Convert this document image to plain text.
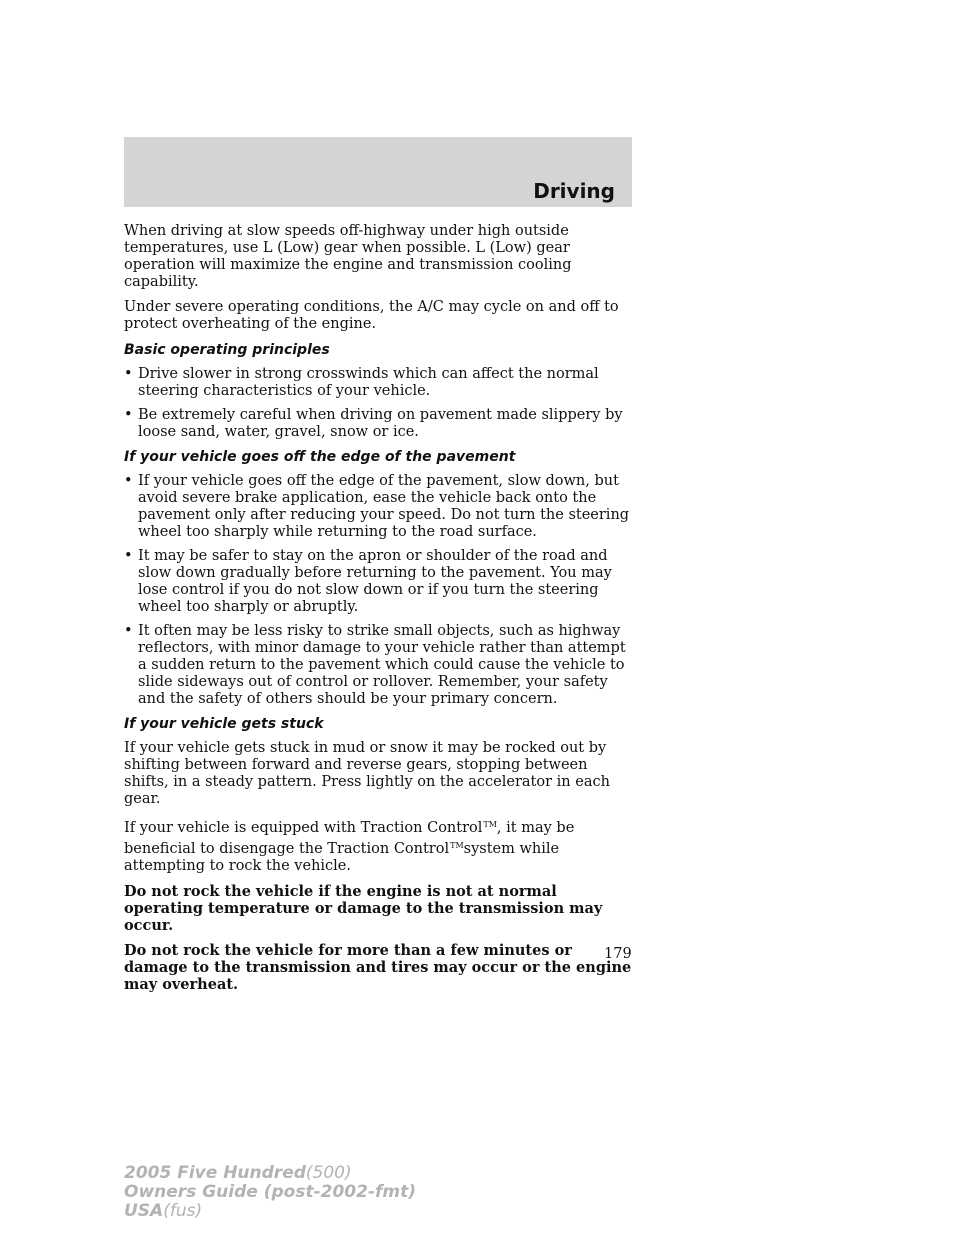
Driving

When driving at slow speeds off-highway under high outside temperatures, use L (Low) gear when possible. L (Low) gear operation will maximize the engine and transmission cooling capability.

Under severe operating conditions, the A/C may cycle on and off to protect overheating of the engine.

Basic operating principles
• Drive slower in strong crosswinds which can affect the normal steering characteristics of your vehicle.
• Be extremely careful when driving on pavement made slippery by loose sand, water, gravel, snow or ice.
If your vehicle goes off the edge of the pavement
• If your vehicle goes off the edge of the pavement, slow down, but avoid severe brake application, ease the vehicle back onto the pavement only after reducing your speed. Do not turn the steering wheel too sharply while returning to the road surface.
• It may be safer to stay on the apron or shoulder of the road and slow down gradually before returning to the pavement. You may lose control if you do not slow down or if you turn the steering wheel too sharply or abruptly.
• It often may be less risky to strike small objects, such as highway reflectors, with minor damage to your vehicle rather than attempt a sudden return to the pavement which could cause the vehicle to slide sideways out of control or rollover. Remember, your safety and the safety of others should be your primary concern.
If your vehicle gets stuck

If your vehicle gets stuck in mud or snow it may be rocked out by shifting between forward and reverse gears, stopping between shifts, in a steady pattern. Press lightly on the accelerator in each gear.

If your vehicle is equipped with Traction Control™, it may be beneficial to disengage the Traction Control™system while attempting to rock the vehicle.

Do not rock the vehicle if the engine is not at normal operating temperature or damage to the transmission may occur.

Do not rock the vehicle for more than a few minutes or damage to the transmission and tires may occur or the engine may overheat.

179
2005 Five Hundred(500)
Owners Guide (post-2002-fmt)
USA(fus)
